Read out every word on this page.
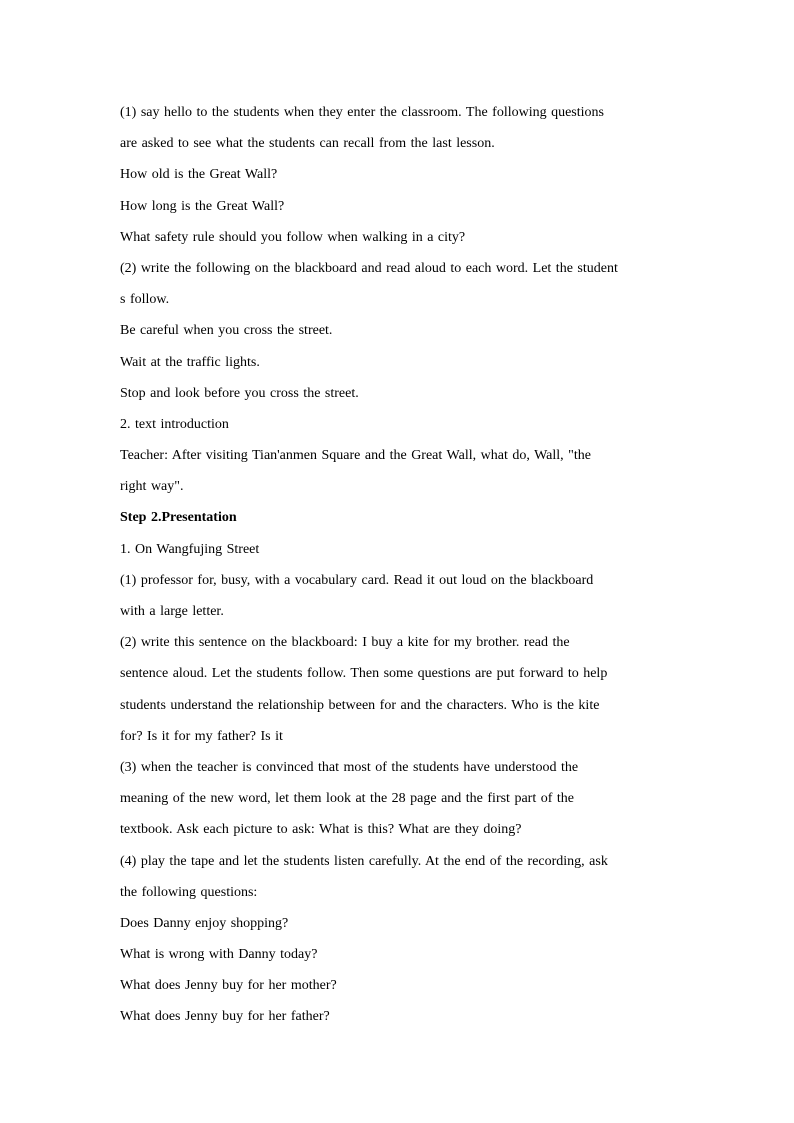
(1) say hello to the students when they enter the classroom. The following questions
are asked to see what the students can recall from the last lesson.
How old is the Great Wall?
How long is the Great Wall?
What safety rule should you follow when walking in a city?
(2) write the following on the blackboard and read aloud to each word. Let the student
s follow.
Be careful when you cross the street.
Wait at the traffic lights.
Stop and look before you cross the street.
2. text introduction
Teacher: After visiting Tian'anmen Square and the Great Wall, what do, Wall, "the
right way".
Step 2.Presentation
1. On Wangfujing Street
(1) professor for, busy, with a vocabulary card. Read it out loud on the blackboard
with a large letter.
(2) write this sentence on the blackboard: I buy a kite for my brother. read the
sentence aloud. Let the students follow. Then some questions are put forward to help
students understand the relationship between for and the characters. Who is the kite
for? Is it for my father? Is it
(3) when the teacher is convinced that most of the students have understood the
meaning of the new word, let them look at the 28 page and the first part of the
textbook. Ask each picture to ask: What is this? What are they doing?
(4) play the tape and let the students listen carefully. At the end of the recording, ask
the following questions:
Does Danny enjoy shopping?
What is wrong with Danny today?
What does Jenny buy for her mother?
What does Jenny buy for her father?
